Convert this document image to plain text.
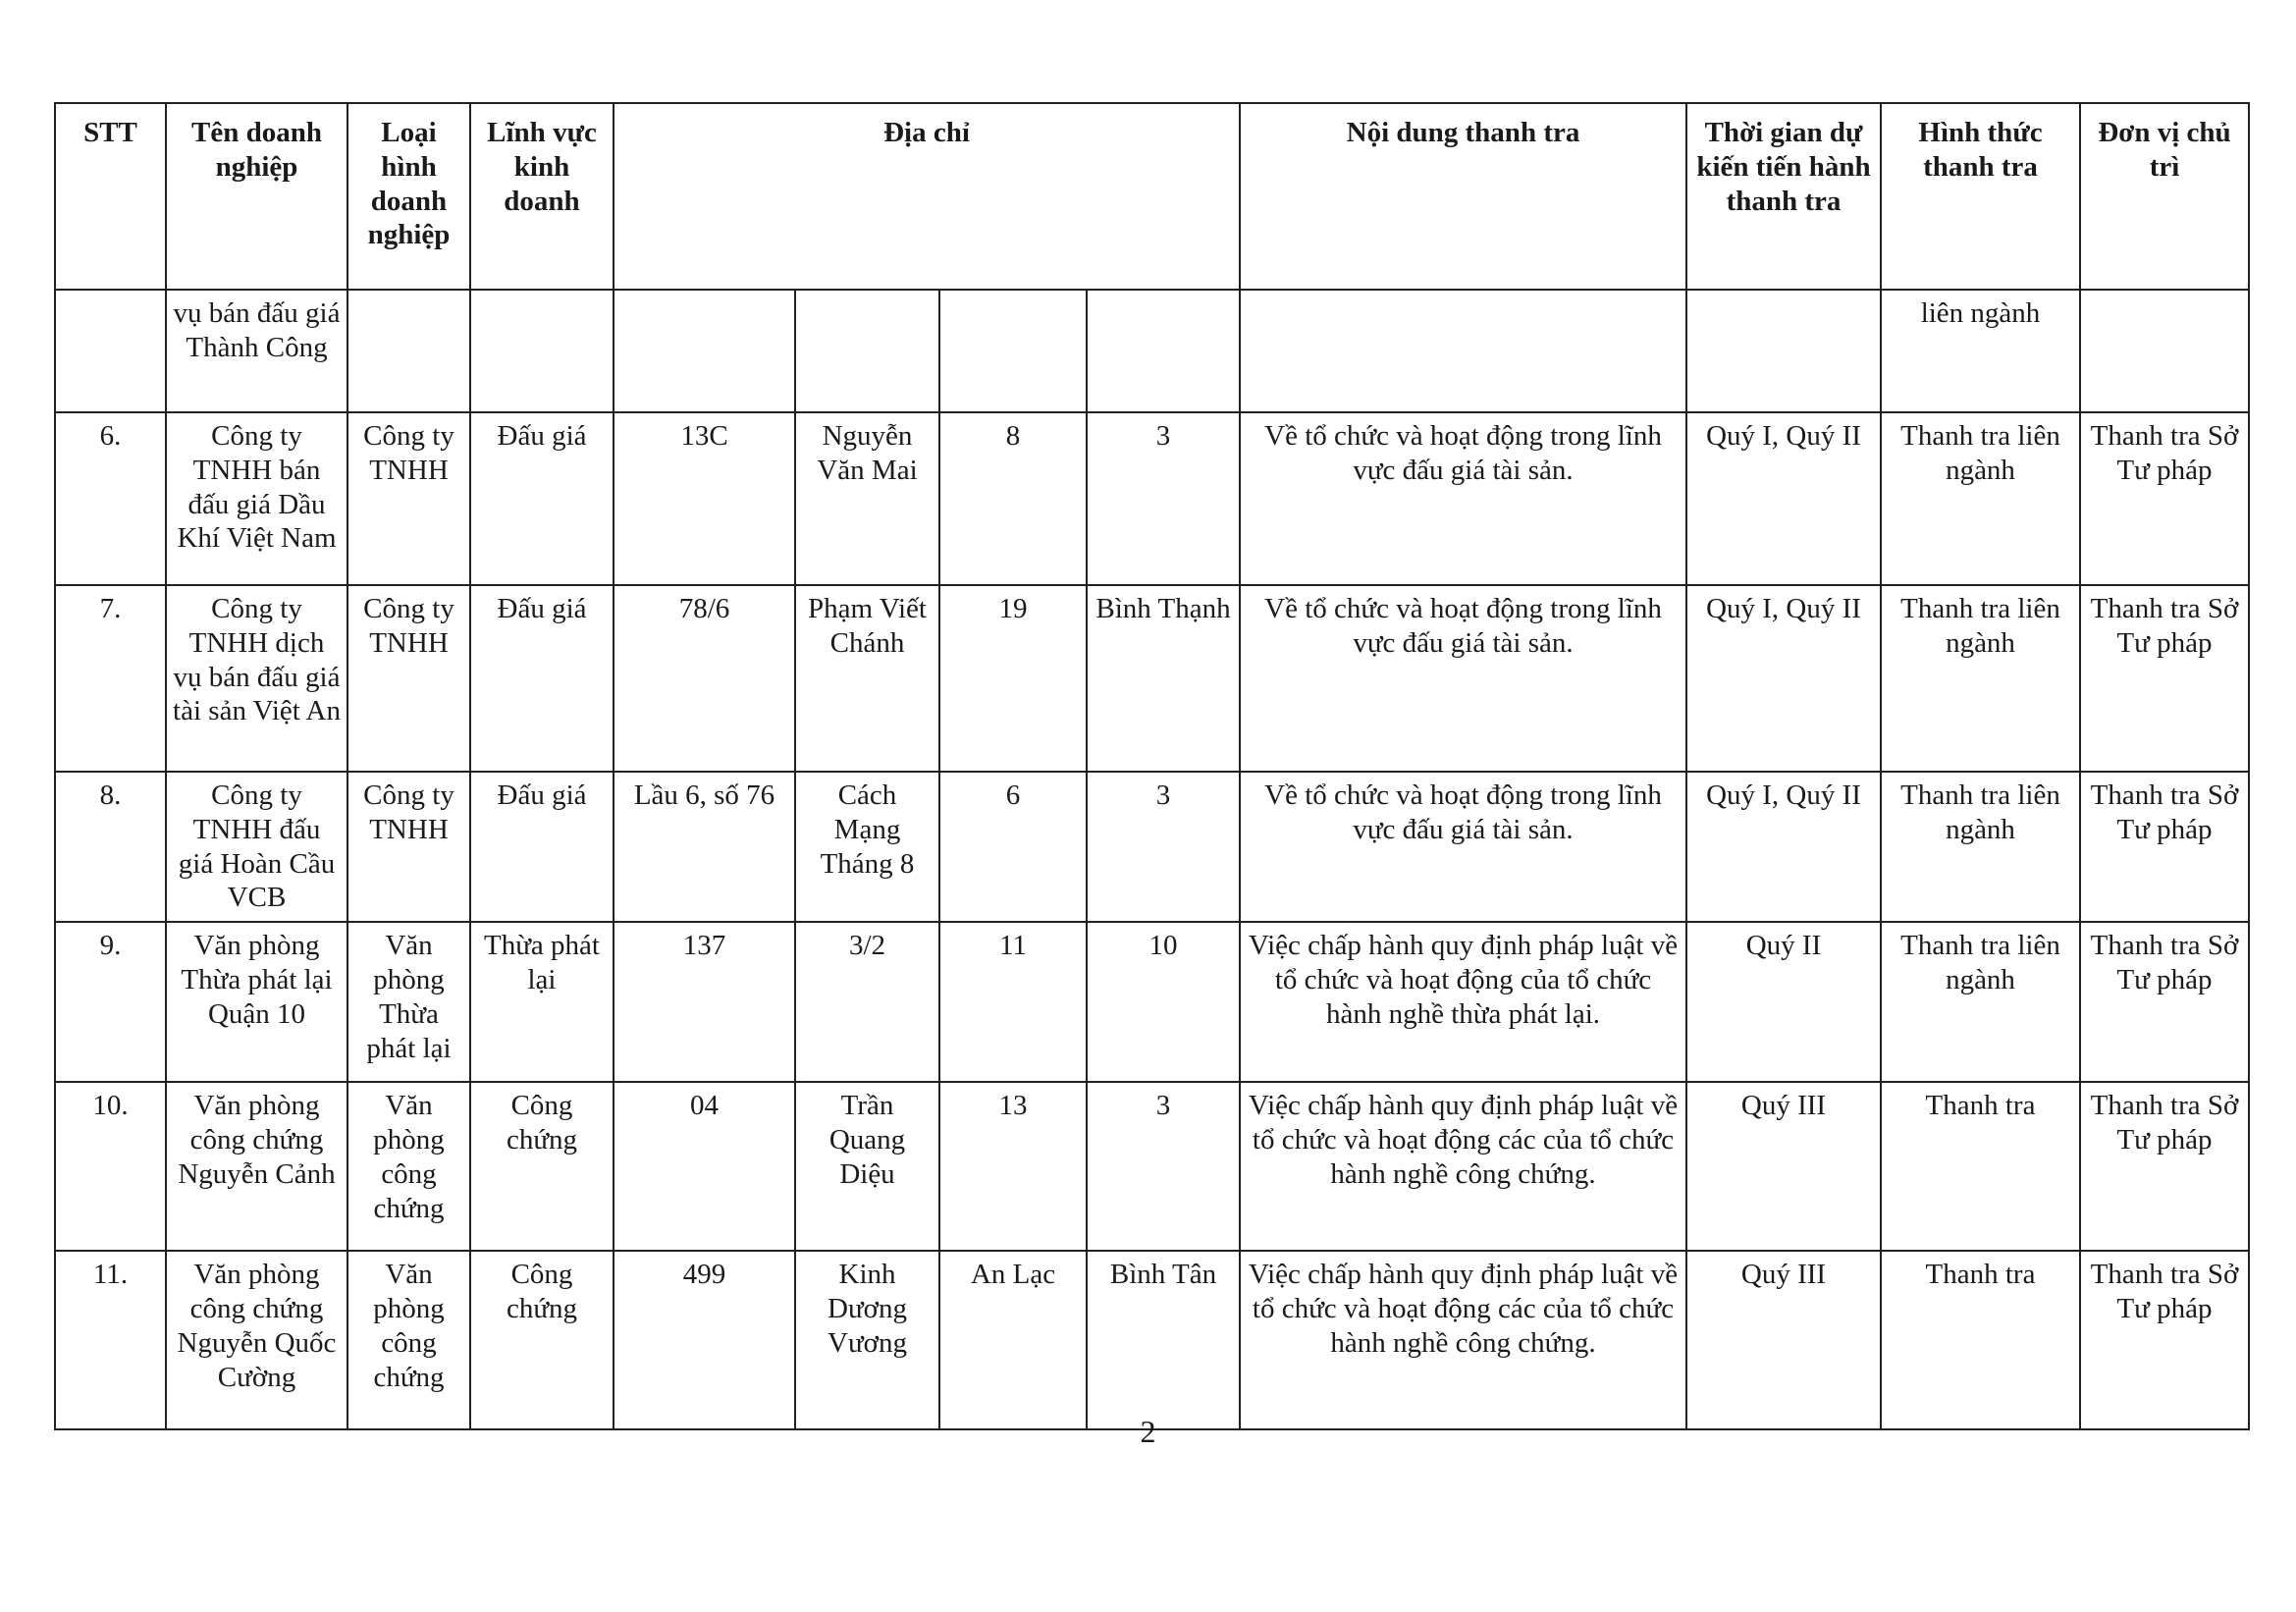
STT	Tên doanh nghiệp	Loại hình doanh nghiệp	Lĩnh vực kinh doanh	Địa chỉ				Nội dung thanh tra	Thời gian dự kiến tiến hành thanh tra	Hình thức thanh tra	Đơn vị chủ trì
	vụ bán đấu giá Thành Công									liên ngành	
6.	Công ty TNHH bán đấu giá Dầu Khí Việt Nam	Công ty TNHH	Đấu giá	13C	Nguyễn Văn Mai	8	3	Về tổ chức và hoạt động trong lĩnh vực đấu giá tài sản.	Quý I, Quý II	Thanh tra liên ngành	Thanh tra Sở Tư pháp
7.	Công ty TNHH dịch vụ bán đấu giá tài sản Việt An	Công ty TNHH	Đấu giá	78/6	Phạm Viết Chánh	19	Bình Thạnh	Về tổ chức và hoạt động trong lĩnh vực đấu giá tài sản.	Quý I, Quý II	Thanh tra liên ngành	Thanh tra Sở Tư pháp
8.	Công ty TNHH đấu giá Hoàn Cầu VCB	Công ty TNHH	Đấu giá	Lầu 6, số 76	Cách Mạng Tháng 8	6	3	Về tổ chức và hoạt động trong lĩnh vực đấu giá tài sản.	Quý I, Quý II	Thanh tra liên ngành	Thanh tra Sở Tư pháp
9.	Văn phòng Thừa phát lại Quận 10	Văn phòng Thừa phát lại	Thừa phát lại	137	3/2	11	10	Việc chấp hành quy định pháp luật về tổ chức và hoạt động của tổ chức hành nghề thừa phát lại.	Quý II	Thanh tra liên ngành	Thanh tra Sở Tư pháp
10.	Văn phòng công chứng Nguyễn Cảnh	Văn phòng công chứng	Công chứng	04	Trần Quang Diệu	13	3	Việc chấp hành quy định pháp luật về tổ chức và hoạt động các của tổ chức hành nghề công chứng.	Quý III	Thanh tra	Thanh tra Sở Tư pháp
11.	Văn phòng công chứng Nguyễn Quốc Cường	Văn phòng công chứng	Công chứng	499	Kinh Dương Vương	An Lạc	Bình Tân	Việc chấp hành quy định pháp luật về tổ chức và hoạt động các của tổ chức hành nghề công chứng.	Quý III	Thanh tra	Thanh tra Sở Tư pháp
2
